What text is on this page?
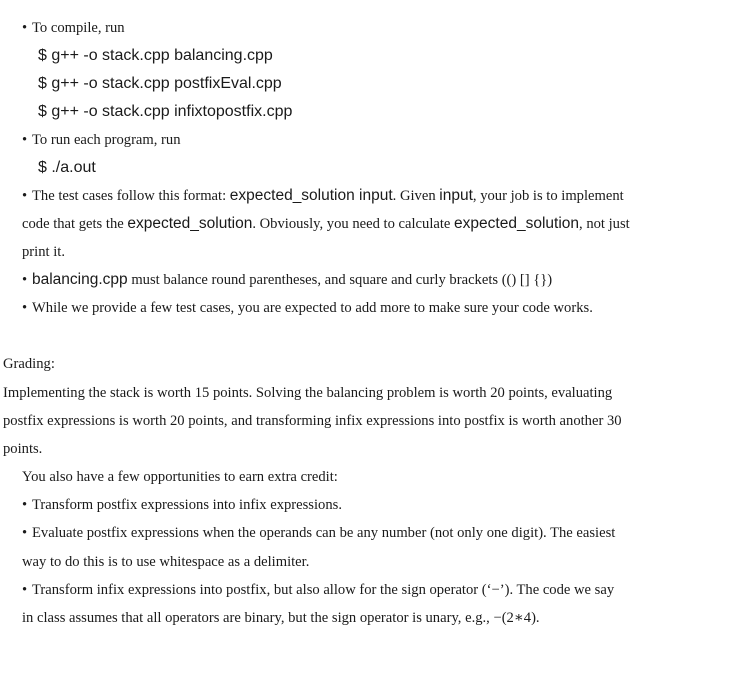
• To compile, run
$ g++ -o stack.cpp balancing.cpp
$ g++ -o stack.cpp postfixEval.cpp
$ g++ -o stack.cpp infixtopostfix.cpp
• To run each program, run
$ ./a.out
• The test cases follow this format: expected_solution input. Given input, your job is to implement
code that gets the expected_solution. Obviously, you need to calculate expected_solution, not just
print it.
• balancing.cpp must balance round parentheses, and square and curly brackets (() [] {})
• While we provide a few test cases, you are expected to add more to make sure your code works.
Grading:
Implementing the stack is worth 15 points. Solving the balancing problem is worth 20 points, evaluating
postfix expressions is worth 20 points, and transforming infix expressions into postfix is worth another 30
points.
You also have a few opportunities to earn extra credit:
• Transform postfix expressions into infix expressions.
• Evaluate postfix expressions when the operands can be any number (not only one digit). The easiest
way to do this is to use whitespace as a delimiter.
• Transform infix expressions into postfix, but also allow for the sign operator (‘−’). The code we say
in class assumes that all operators are binary, but the sign operator is unary, e.g., −(2∗4).
